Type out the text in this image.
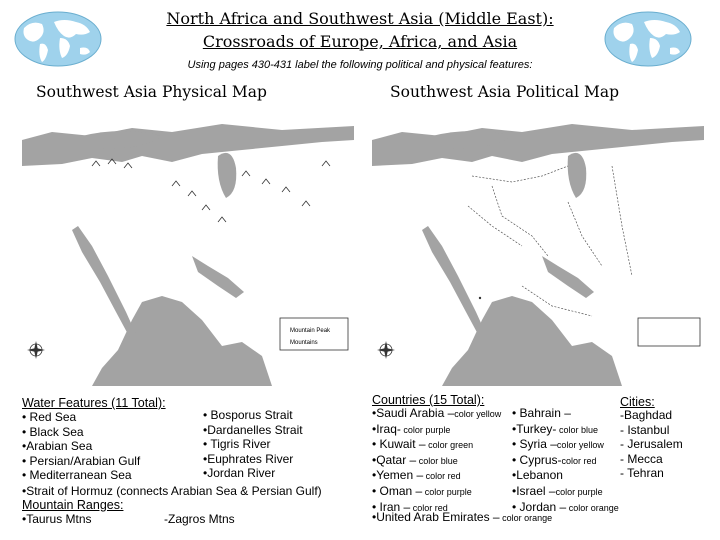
North Africa and Southwest Asia (Middle East):
Crossroads of Europe, Africa, and Asia
Using pages 430-431 label the following political and physical features:
Southwest Asia Physical Map	Southwest Asia Political Map
Mountain Peak
Mountains
Water Features (11 Total):
• Red Sea
• Black Sea
•Arabian Sea
• Persian/Arabian Gulf
• Mediterranean Sea
• Bosporus Strait
•Dardanelles Strait
• Tigris River
•Euphrates River
•Jordan River
•Strait of Hormuz (connects Arabian Sea & Persian Gulf)
Mountain Ranges:
•Taurus Mtns	-Zagros Mtns
Countries (15 Total):
•Saudi Arabia –color yellow
•Iraq- color purple
• Kuwait – color green
•Qatar – color blue
•Yemen – color red
• Oman – color purple
• Iran – color red
• Bahrain –
•Turkey- color blue
• Syria –color yellow
• Cyprus-color red
•Lebanon
•Israel –color purple
• Jordan – color orange
•United Arab Emirates – color orange
Cities:
-Baghdad
- Istanbul
- Jerusalem
- Mecca
- Tehran
